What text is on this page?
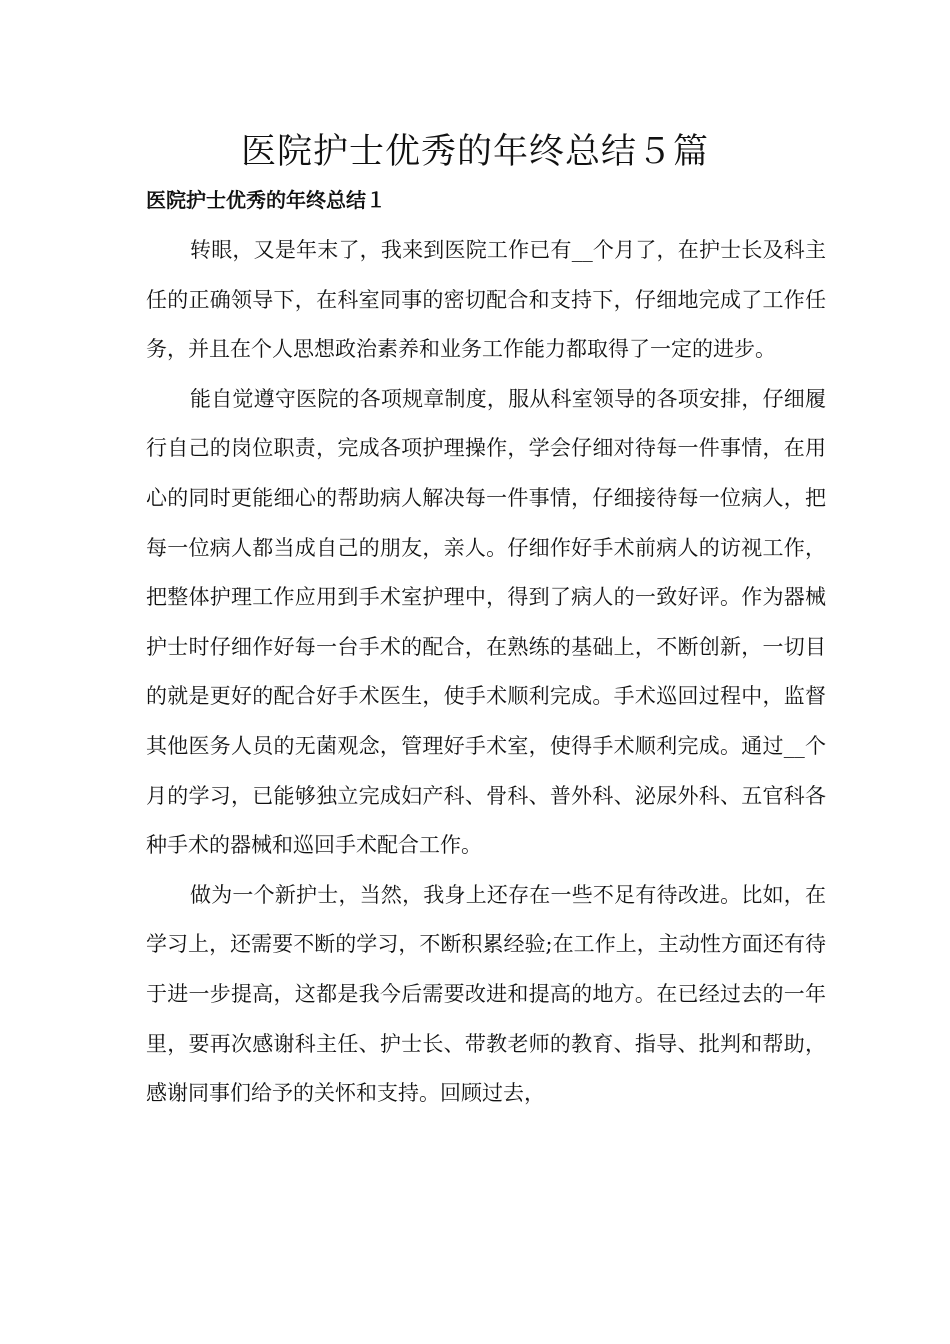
医院护士优秀的年终总结５篇
医院护士优秀的年终总结１

转眼，又是年末了，我来到医院工作已有__个月了，在护士长及科主任的正确领导下，在科室同事的密切配合和支持下，仔细地完成了工作任务，并且在个人思想政治素养和业务工作能力都取得了一定的进步。

能自觉遵守医院的各项规章制度，服从科室领导的各项安排，仔细履行自己的岗位职责，完成各项护理操作，学会仔细对待每一件事情，在用心的同时更能细心的帮助病人解决每一件事情，仔细接待每一位病人，把每一位病人都当成自己的朋友，亲人。仔细作好手术前病人的访视工作，把整体护理工作应用到手术室护理中，得到了病人的一致好评。作为器械护士时仔细作好每一台手术的配合，在熟练的基础上，不断创新，一切目的就是更好的配合好手术医生，使手术顺利完成。手术巡回过程中，监督其他医务人员的无菌观念，管理好手术室，使得手术顺利完成。通过__个月的学习，已能够独立完成妇产科、骨科、普外科、泌尿外科、五官科各种手术的器械和巡回手术配合工作。

做为一个新护士，当然，我身上还存在一些不足有待改进。比如，在学习上，还需要不断的学习，不断积累经验;在工作上，主动性方面还有待于进一步提高，这都是我今后需要改进和提高的地方。在已经过去的一年里，要再次感谢科主任、护士长、带教老师的教育、指导、批判和帮助，感谢同事们给予的关怀和支持。回顾过去，
